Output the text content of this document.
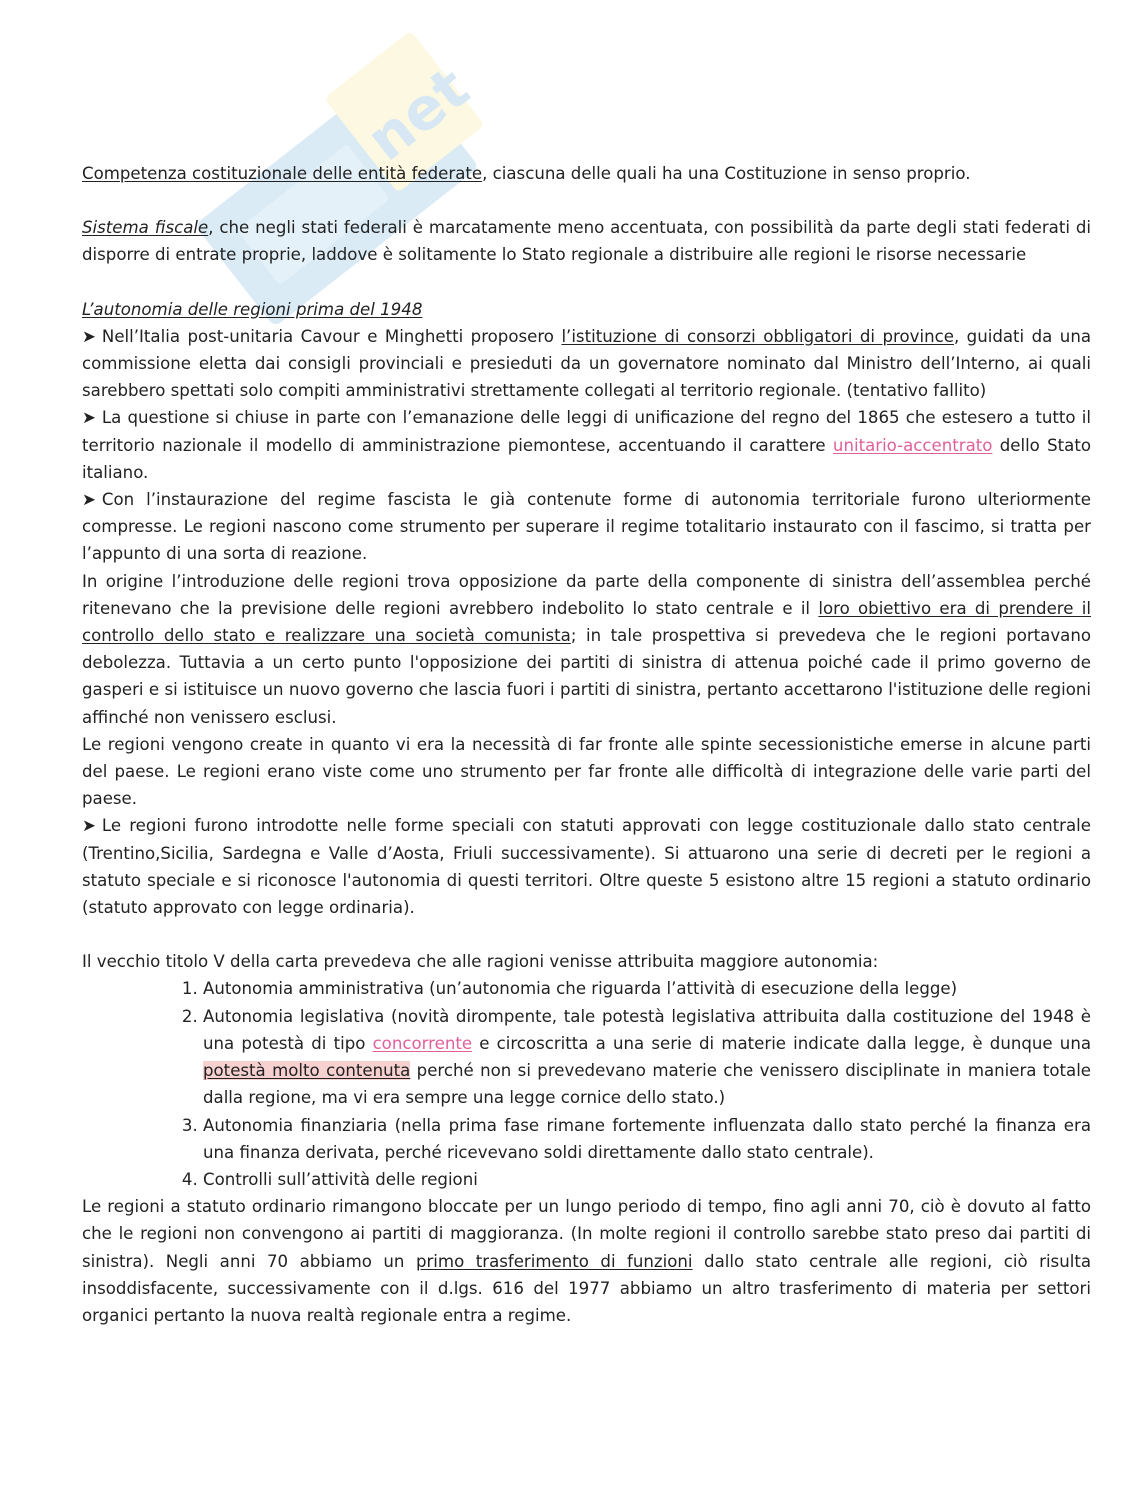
net

Competenza costituzionale delle entità federate, ciascuna delle quali ha una Costituzione in senso proprio.

Sistema fiscale, che negli stati federali è marcatamente meno accentuata, con possibilità da parte degli stati federati di disporre di entrate proprie, laddove è solitamente lo Stato regionale a distribuire alle regioni le risorse necessarie

L’autonomia delle regioni prima del 1948

➤ Nell’Italia post-unitaria Cavour e Minghetti proposero l’istituzione di consorzi obbligatori di province, guidati da una commissione eletta dai consigli provinciali e presieduti da un governatore nominato dal Ministro dell’Interno, ai quali sarebbero spettati solo compiti amministrativi strettamente collegati al territorio regionale. (tentativo fallito)

➤ La questione si chiuse in parte con l’emanazione delle leggi di unificazione del regno del 1865 che estesero a tutto il territorio nazionale il modello di amministrazione piemontese, accentuando il carattere unitario-accentrato dello Stato italiano.

➤ Con l’instaurazione del regime fascista le già contenute forme di autonomia territoriale furono ulteriormente compresse. Le regioni nascono come strumento per superare il regime totalitario instaurato con il fascimo, si tratta per l’appunto di una sorta di reazione.

In origine l’introduzione delle regioni trova opposizione da parte della componente di sinistra dell’assemblea perché ritenevano che la previsione delle regioni avrebbero indebolito lo stato centrale e il loro obiettivo era di prendere il controllo dello stato e realizzare una società comunista; in tale prospettiva si prevedeva che le regioni portavano debolezza. Tuttavia a un certo punto l'opposizione dei partiti di sinistra di attenua poiché cade il primo governo de gasperi e si istituisce un nuovo governo che lascia fuori i partiti di sinistra, pertanto accettarono l'istituzione delle regioni affinché non venissero esclusi.

Le regioni vengono create in quanto vi era la necessità di far fronte alle spinte secessionistiche emerse in alcune parti del paese. Le regioni erano viste come uno strumento per far fronte alle difficoltà di integrazione delle varie parti del paese.

➤ Le regioni furono introdotte nelle forme speciali con statuti approvati con legge costituzionale dallo stato centrale (Trentino,Sicilia, Sardegna e Valle d’Aosta, Friuli successivamente). Si attuarono una serie di decreti per le regioni a statuto speciale e si riconosce l'autonomia di questi territori. Oltre queste 5 esistono altre 15 regioni a statuto ordinario (statuto approvato con legge ordinaria).

Il vecchio titolo V della carta prevedeva che alle ragioni venisse attribuita maggiore autonomia:

1. Autonomia amministrativa (un’autonomia che riguarda l’attività di esecuzione della legge)
2. Autonomia legislativa (novità dirompente, tale potestà legislativa attribuita dalla costituzione del 1948 è una potestà di tipo concorrente e circoscritta a una serie di materie indicate dalla legge, è dunque una potestà molto contenuta perché non si prevedevano materie che venissero disciplinate in maniera totale dalla regione, ma vi era sempre una legge cornice dello stato.)
3. Autonomia finanziaria (nella prima fase rimane fortemente influenzata dallo stato perché la finanza era una finanza derivata, perché ricevevano soldi direttamente dallo stato centrale).
4. Controlli sull’attività delle regioni

Le regioni a statuto ordinario rimangono bloccate per un lungo periodo di tempo, fino agli anni 70, ciò è dovuto al fatto che le regioni non convengono ai partiti di maggioranza. (In molte regioni il controllo sarebbe stato preso dai partiti di sinistra). Negli anni 70 abbiamo un primo trasferimento di funzioni dallo stato centrale alle regioni, ciò risulta insoddisfacente, successivamente con il d.lgs. 616 del 1977 abbiamo un altro trasferimento di materia per settori organici pertanto la nuova realtà regionale entra a regime.
